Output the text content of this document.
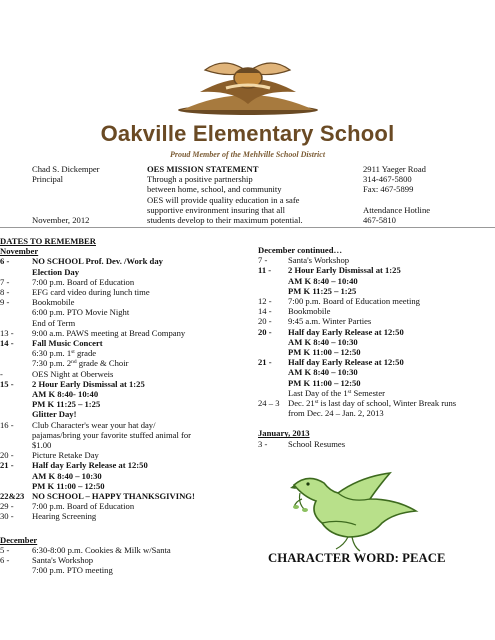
Oakville Elementary School
Proud Member of the Mehlville School District
Chad S. Dickemper
Principal
November, 2012
OES MISSION STATEMENT
Through a positive partnership
between home, school, and community
OES will provide quality education in a safe
supportive environment insuring that all
students develop to their maximum potential.
2911 Yaeger Road
314-467-5800
Fax: 467-5899
Attendance Hotline
467-5810
DATES TO REMEMBER
November
6 -	NO SCHOOL Prof. Dev. /Work day
Election Day
7 -	7:00 p.m. Board of Education
8 -	EFG card video during lunch time
9 -	Bookmobile
6:00 p.m. PTO Movie Night
End of Term
13 -	9:00 a.m. PAWS meeting at Bread Company
14 -	Fall Music Concert
6:30 p.m. 1st grade
7:30 p.m. 2nd grade & Choir
-	OES Night at Oberweis
15 -	2 Hour Early Dismissal at 1:25
AM K 8:40- 10:40
PM K 11:25 – 1:25
Glitter Day!
16 -	Club Character's wear your hat day/
pajamas/bring your favorite stuffed animal for
$1.00
20 -	Picture Retake Day
21 -	Half day Early Release at 12:50
AM K 8:40 – 10:30
PM K 11:00 – 12:50
22&23 NO SCHOOL – HAPPY THANKSGIVING!
29 -	7:00 p.m. Board of Education
30 -	Hearing Screening
December
5 -	6:30-8:00 p.m. Cookies & Milk w/Santa
6 -	Santa's Workshop
7:00 p.m. PTO meeting
December continued…
7 -	Santa's Workshop
11 -	2 Hour Early Dismissal at 1:25
AM K 8:40 – 10:40
PM K 11:25 – 1:25
12 -	7:00 p.m. Board of Education meeting
14 -	Bookmobile
20 -	9:45 a.m. Winter Parties
20 -	Half day Early Release at 12:50
AM K 8:40 – 10:30
PM K 11:00 – 12:50
21 -	Half day Early Release at 12:50
AM K 8:40 – 10:30
PM K 11:00 – 12:50
Last Day of the 1st Semester
24 – 3 Dec. 21st is last day of school, Winter Break runs
from Dec. 24 – Jan. 2, 2013
January, 2013
3 -	School Resumes
CHARACTER WORD: PEACE
